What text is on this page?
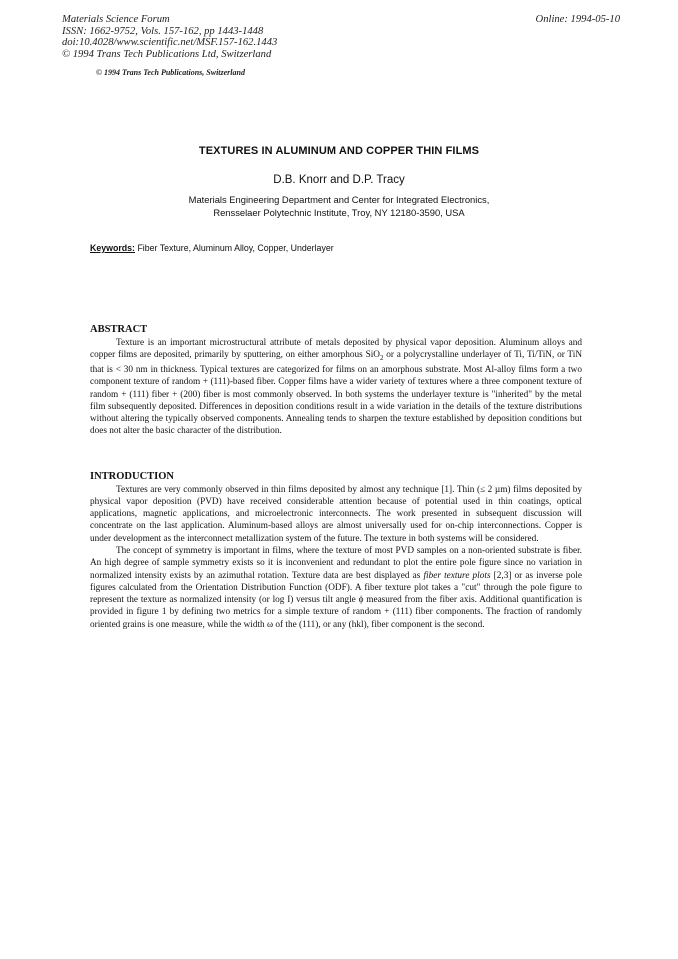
Materials Science Forum
ISSN: 1662-9752, Vols. 157-162, pp 1443-1448
doi:10.4028/www.scientific.net/MSF.157-162.1443
© 1994 Trans Tech Publications Ltd, Switzerland
Online: 1994-05-10
© 1994 Trans Tech Publications, Switzerland
TEXTURES IN ALUMINUM AND COPPER THIN FILMS
D.B. Knorr and D.P. Tracy
Materials Engineering Department and Center for Integrated Electronics,
Rensselaer Polytechnic Institute, Troy, NY 12180-3590, USA
Keywords: Fiber Texture, Aluminum Alloy, Copper, Underlayer
ABSTRACT

Texture is an important microstructural attribute of metals deposited by physical vapor deposition. Aluminum alloys and copper films are deposited, primarily by sputtering, on either amorphous SiO$_2$ or a polycrystalline underlayer of Ti, Ti/TiN, or TiN that is < 30 nm in thickness. Typical textures are categorized for films on an amorphous substrate. Most Al-alloy films form a two component texture of random + (111)-based fiber. Copper films have a wider variety of textures where a three component texture of random + (111) fiber + (200) fiber is most commonly observed. In both systems the underlayer texture is "inherited" by the metal film subsequently deposited. Differences in deposition conditions result in a wide variation in the details of the texture distributions without altering the typically observed components. Annealing tends to sharpen the texture established by deposition conditions but does not alter the basic character of the distribution.

INTRODUCTION

Textures are very commonly observed in thin films deposited by almost any technique [1]. Thin (≤ 2 µm) films deposited by physical vapor deposition (PVD) have received considerable attention because of potential used in thin coatings, optical applications, magnetic applications, and microelectronic interconnects. The work presented in subsequent discussion will concentrate on the last application. Aluminum-based alloys are almost universally used for on-chip interconnections. Copper is under development as the interconnect metallization system of the future. The texture in both systems will be considered.

The concept of symmetry is important in films, where the texture of most PVD samples on a non-oriented substrate is fiber. An high degree of sample symmetry exists so it is inconvenient and redundant to plot the entire pole figure since no variation in normalized intensity exists by an azimuthal rotation. Texture data are best displayed as fiber texture plots [2,3] or as inverse pole figures calculated from the Orientation Distribution Function (ODF). A fiber texture plot takes a "cut" through the pole figure to represent the texture as normalized intensity (or log I) versus tilt angle ϕ measured from the fiber axis. Additional quantification is provided in figure 1 by defining two metrics for a simple texture of random + (111) fiber components. The fraction of randomly oriented grains is one measure, while the width ω of the (111), or any (hkl), fiber component is the second.
